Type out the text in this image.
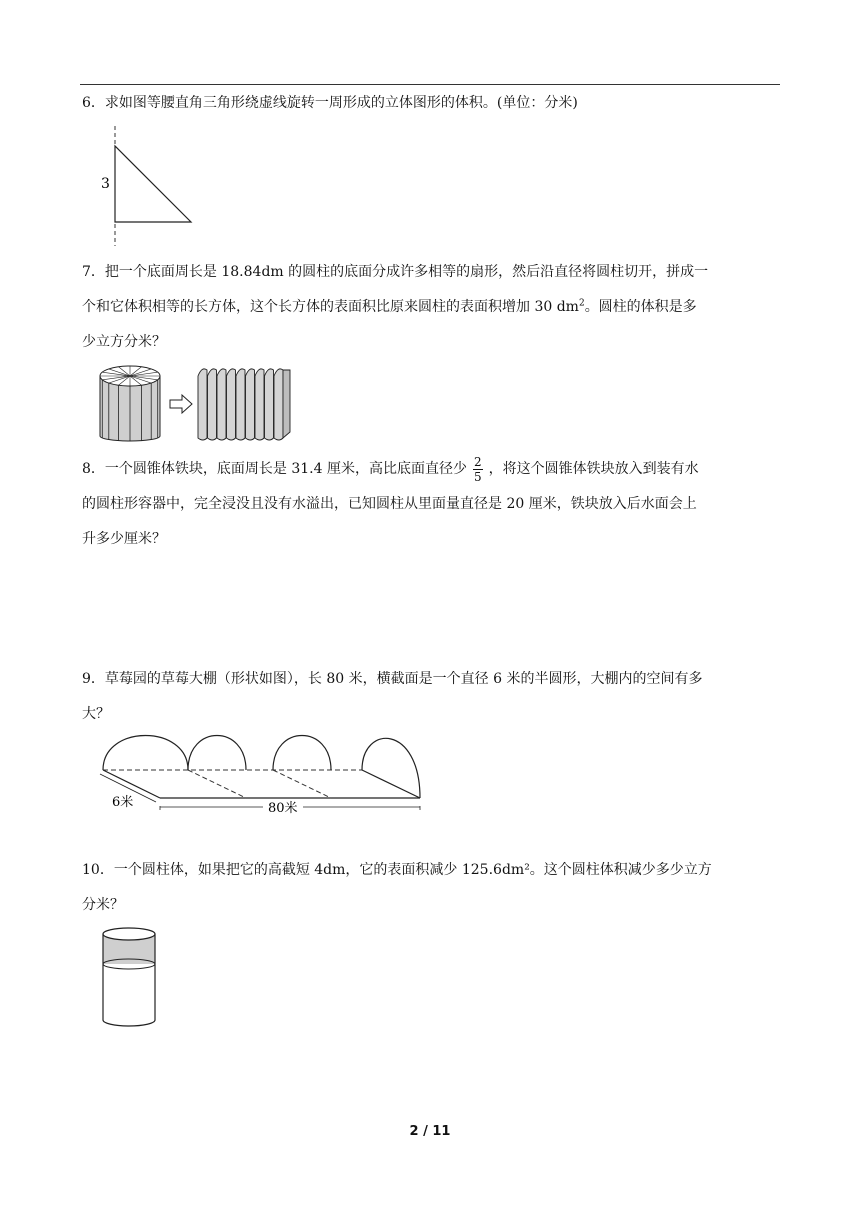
6．求如图等腰直角三角形绕虚线旋转一周形成的立体图形的体积。(单位：分米)
3
7．把一个底面周长是 18.84dm 的圆柱的底面分成许多相等的扇形，然后沿直径将圆柱切开，拼成一
个和它体积相等的长方体，这个长方体的表面积比原来圆柱的表面积增加 30 $dm^2$。圆柱的体积是多
少立方分米？
8．一个圆锥体铁块，底面周长是 31.4 厘米，高比底面直径少 $\frac{2}{5}$ ，将这个圆锥体铁块放入到装有水
的圆柱形容器中，完全浸没且没有水溢出，已知圆柱从里面量直径是 20 厘米，铁块放入后水面会上
升多少厘米？
9．草莓园的草莓大棚（形状如图），长 80 米，横截面是一个直径 6 米的半圆形，大棚内的空间有多
大？
6米	80米
10．一个圆柱体，如果把它的高截短 4dm，它的表面积减少 125.6dm²。这个圆柱体积减少多少立方
分米？
2 / 11
